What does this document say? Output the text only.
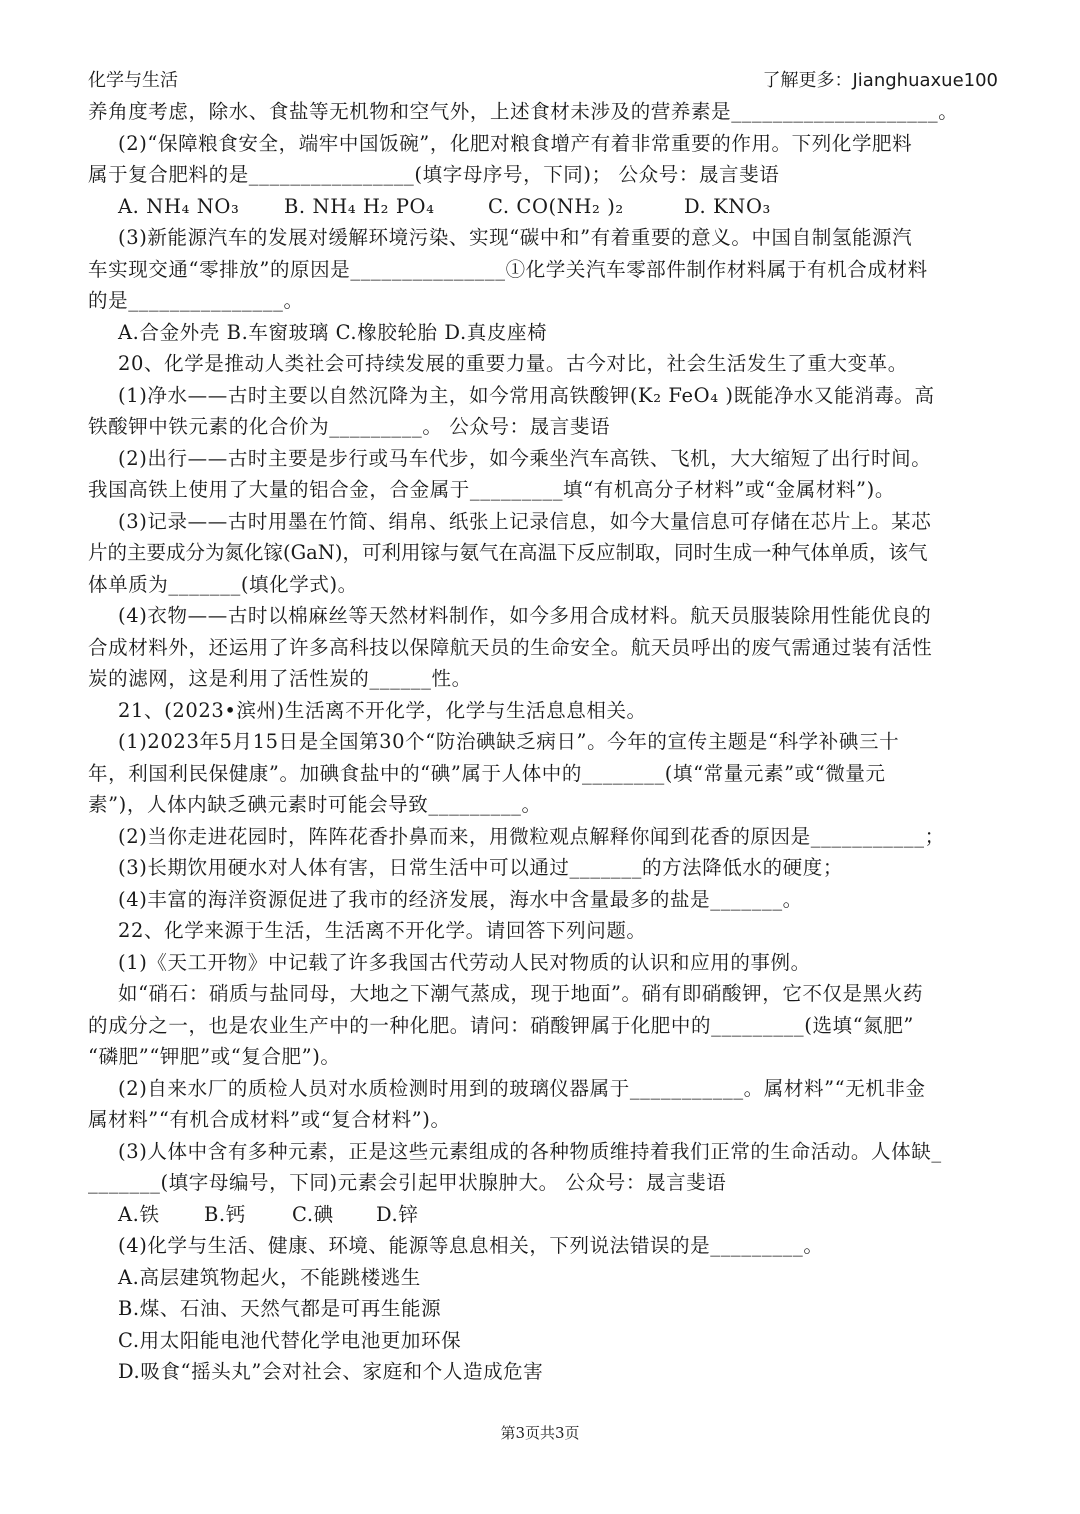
化学与生活	了解更多：Jianghuaxue100

养角度考虑，除水、食盐等无机物和空气外，上述食材未涉及的营养素是____________________。

(2)“保障粮食安全，端牢中国饭碗”，化肥对粮食增产有着非常重要的作用。下列化学肥料

属于复合肥料的是________________(填字母序号，下同)； 公众号：晟言斐语

A. NH₄ NO₃	B. NH₄ H₂ PO₄	C. CO(NH₂ )₂	D. KNO₃

(3)新能源汽车的发展对缓解环境污染、实现“碳中和”有着重要的意义。中国自制氢能源汽

车实现交通“零排放”的原因是_______________①化学关汽车零部件制作材料属于有机合成材料

的是_______________。

A.合金外壳 B.车窗玻璃 C.橡胶轮胎 D.真皮座椅

20、化学是推动人类社会可持续发展的重要力量。古今对比，社会生活发生了重大变革。

(1)净水——古时主要以自然沉降为主，如今常用高铁酸钾(K₂ FeO₄ )既能净水又能消毒。高

铁酸钾中铁元素的化合价为_________。 公众号：晟言斐语

(2)出行——古时主要是步行或马车代步，如今乘坐汽车高铁、飞机，大大缩短了出行时间。

我国高铁上使用了大量的铝合金，合金属于_________填“有机高分子材料”或“金属材料”)。

(3)记录——古时用墨在竹简、绢帛、纸张上记录信息，如今大量信息可存储在芯片上。某芯

片的主要成分为氮化镓(GaN)，可利用镓与氨气在高温下反应制取，同时生成一种气体单质，该气

体单质为_______(填化学式)。

(4)衣物——古时以棉麻丝等天然材料制作，如今多用合成材料。航天员服装除用性能优良的

合成材料外，还运用了许多高科技以保障航天员的生命安全。航天员呼出的废气需通过装有活性

炭的滤网，这是利用了活性炭的______性。

21、(2023•滨州)生活离不开化学，化学与生活息息相关。

(1)2023年5月15日是全国第30个“防治碘缺乏病日”。今年的宣传主题是“科学补碘三十

年，利国利民保健康”。加碘食盐中的“碘”属于人体中的________(填“常量元素”或“微量元

素”)，人体内缺乏碘元素时可能会导致_________。

(2)当你走进花园时，阵阵花香扑鼻而来，用微粒观点解释你闻到花香的原因是___________；

(3)长期饮用硬水对人体有害，日常生活中可以通过_______的方法降低水的硬度；

(4)丰富的海洋资源促进了我市的经济发展，海水中含量最多的盐是_______。

22、化学来源于生活，生活离不开化学。请回答下列问题。

(1)《天工开物》中记载了许多我国古代劳动人民对物质的认识和应用的事例。

如“硝石：硝质与盐同母，大地之下潮气蒸成，现于地面”。硝有即硝酸钾，它不仅是黑火药

的成分之一，也是农业生产中的一种化肥。请问：硝酸钾属于化肥中的_________(选填“氮肥”

“磷肥”“钾肥”或“复合肥”)。

(2)自来水厂的质检人员对水质检测时用到的玻璃仪器属于___________。属材料”“无机非金

属材料”“有机合成材料”或“复合材料”)。

(3)人体中含有多种元素，正是这些元素组成的各种物质维持着我们正常的生命活动。人体缺_

_______(填字母编号，下同)元素会引起甲状腺肿大。 公众号：晟言斐语

A.铁	B.钙	C.碘	D.锌

(4)化学与生活、健康、环境、能源等息息相关，下列说法错误的是_________。

A.高层建筑物起火，不能跳楼逃生

B.煤、石油、天然气都是可再生能源

C.用太阳能电池代替化学电池更加环保

D.吸食“摇头丸”会对社会、家庭和个人造成危害

第3页共3页
